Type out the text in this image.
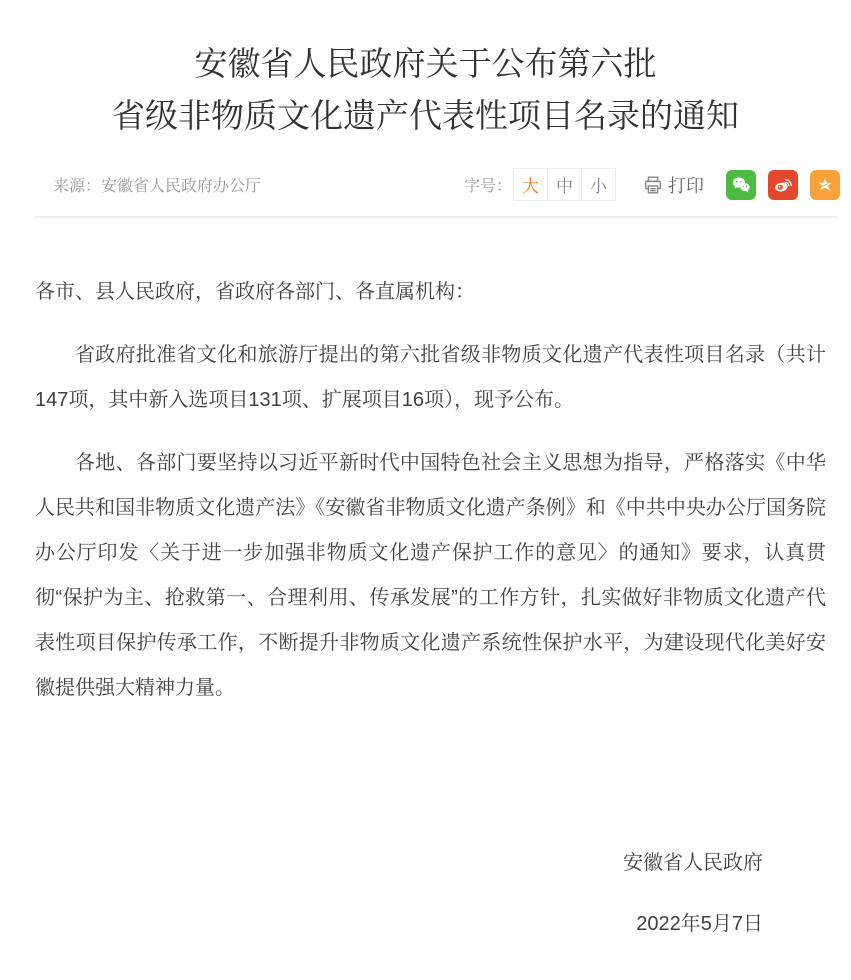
安徽省人民政府关于公布第六批
省级非物质文化遗产代表性项目名录的通知
来源：安徽省人民政府办公厅	字号： 大	中	小	打印

各市、县人民政府，省政府各部门、各直属机构：

省政府批准省文化和旅游厅提出的第六批省级非物质文化遗产代表性项目名录（共计147项，其中新入选项目131项、扩展项目16项），现予公布。

各地、各部门要坚持以习近平新时代中国特色社会主义思想为指导，严格落实《中华人民共和国非物质文化遗产法》《安徽省非物质文化遗产条例》和《中共中央办公厅国务院办公厅印发〈关于进一步加强非物质文化遗产保护工作的意见〉的通知》要求，认真贯彻“保护为主、抢救第一、合理利用、传承发展”的工作方针，扎实做好非物质文化遗产代表性项目保护传承工作，不断提升非物质文化遗产系统性保护水平，为建设现代化美好安徽提供强大精神力量。

安徽省人民政府

2022年5月7日
